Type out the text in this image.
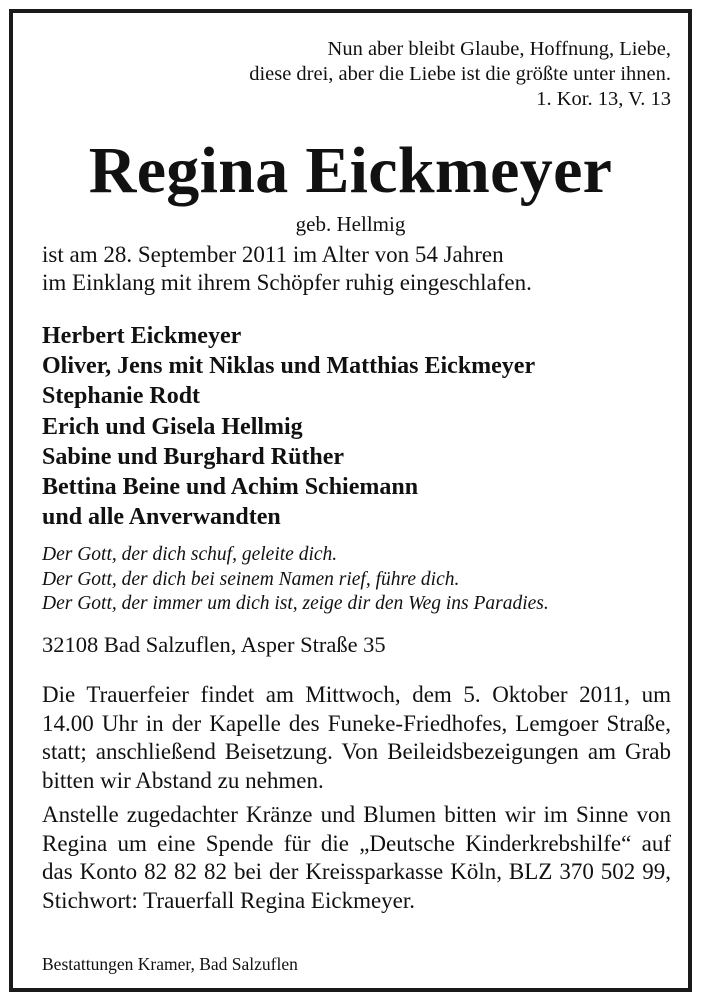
Nun aber bleibt Glaube, Hoffnung, Liebe,
diese drei, aber die Liebe ist die größte unter ihnen.
1. Kor. 13, V. 13
Regina Eickmeyer
geb. Hellmig
ist am 28. September 2011 im Alter von 54 Jahren
im Einklang mit ihrem Schöpfer ruhig eingeschlafen.
Herbert Eickmeyer
Oliver, Jens mit Niklas und Matthias Eickmeyer
Stephanie Rodt
Erich und Gisela Hellmig
Sabine und Burghard Rüther
Bettina Beine und Achim Schiemann
und alle Anverwandten
Der Gott, der dich schuf, geleite dich.
Der Gott, der dich bei seinem Namen rief, führe dich.
Der Gott, der immer um dich ist, zeige dir den Weg ins Paradies.
32108 Bad Salzuflen, Asper Straße 35
Die Trauerfeier findet am Mittwoch, dem 5. Oktober 2011, um 14.00 Uhr in der Kapelle des Funeke-Friedhofes, Lemgoer Straße, statt; anschließend Beisetzung. Von Beileidsbezeigungen am Grab bitten wir Abstand zu nehmen.
Anstelle zugedachter Kränze und Blumen bitten wir im Sinne von Regina um eine Spende für die „Deutsche Kinderkrebshilfe“ auf das Konto 82 82 82 bei der Kreissparkasse Köln, BLZ 370 502 99, Stichwort: Trauerfall Regina Eickmeyer.
Bestattungen Kramer, Bad Salzuflen
